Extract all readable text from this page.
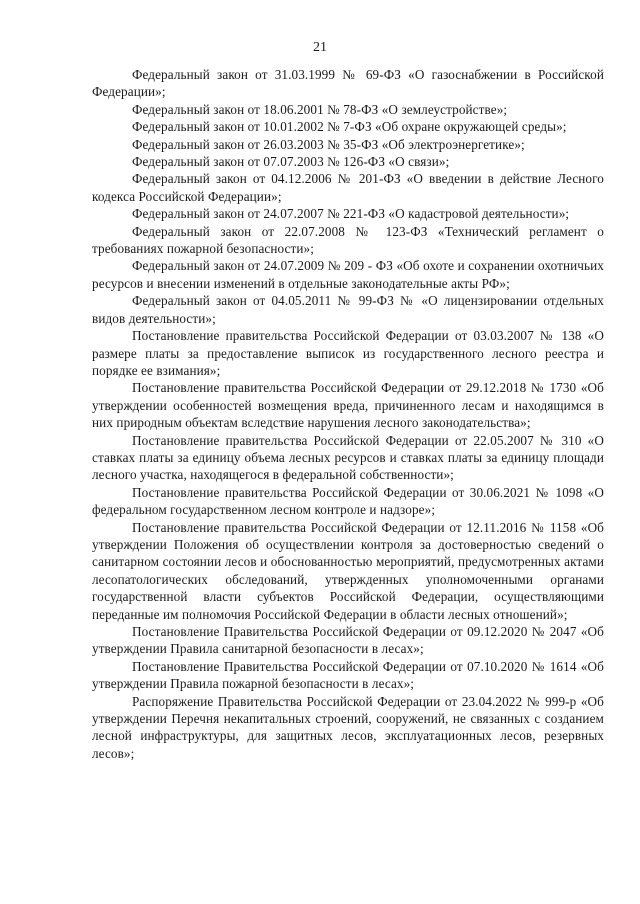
21

Федеральный закон от 31.03.1999 № 69-ФЗ «О газоснабжении в Российской Федерации»;

Федеральный закон от 18.06.2001 № 78-ФЗ «О землеустройстве»;

Федеральный закон от 10.01.2002 № 7-ФЗ «Об охране окружающей среды»;

Федеральный закон от 26.03.2003 № 35-ФЗ «Об электроэнергетике»;

Федеральный закон от 07.07.2003 № 126-ФЗ «О связи»;

Федеральный закон от 04.12.2006 № 201-ФЗ «О введении в действие Лесного кодекса Российской Федерации»;

Федеральный закон от 24.07.2007 № 221-ФЗ «О кадастровой деятельности»;

Федеральный закон от 22.07.2008 № 123-ФЗ «Технический регламент о требованиях пожарной безопасности»;

Федеральный закон от 24.07.2009 № 209 - ФЗ «Об охоте и сохранении охотничьих ресурсов и внесении изменений в отдельные законодательные акты РФ»;

Федеральный закон от 04.05.2011 № 99-ФЗ № «О лицензировании отдельных видов деятельности»;

Постановление правительства Российской Федерации от 03.03.2007 № 138 «О размере платы за предоставление выписок из государственного лесного реестра и порядке ее взимания»;

Постановление правительства Российской Федерации от 29.12.2018 № 1730 «Об утверждении особенностей возмещения вреда, причиненного лесам и находящимся в них природным объектам вследствие нарушения лесного законодательства»;

Постановление правительства Российской Федерации от 22.05.2007 № 310 «О ставках платы за единицу объема лесных ресурсов и ставках платы за единицу площади лесного участка, находящегося в федеральной собственности»;

Постановление правительства Российской Федерации от 30.06.2021 № 1098 «О федеральном государственном лесном контроле и надзоре»;

Постановление правительства Российской Федерации от 12.11.2016 № 1158 «Об утверждении Положения об осуществлении контроля за достоверностью сведений о санитарном состоянии лесов и обоснованностью мероприятий, предусмотренных актами лесопатологических обследований, утвержденных уполномоченными органами государственной власти субъектов Российской Федерации, осуществляющими переданные им полномочия Российской Федерации в области лесных отношений»;

Постановление Правительства Российской Федерации от 09.12.2020 № 2047 «Об утверждении Правила санитарной безопасности в лесах»;

Постановление Правительства Российской Федерации от 07.10.2020 № 1614 «Об утверждении Правила пожарной безопасности в лесах»;

Распоряжение Правительства Российской Федерации от 23.04.2022 № 999-р «Об утверждении Перечня некапитальных строений, сооружений, не связанных с созданием лесной инфраструктуры, для защитных лесов, эксплуатационных лесов, резервных лесов»;
